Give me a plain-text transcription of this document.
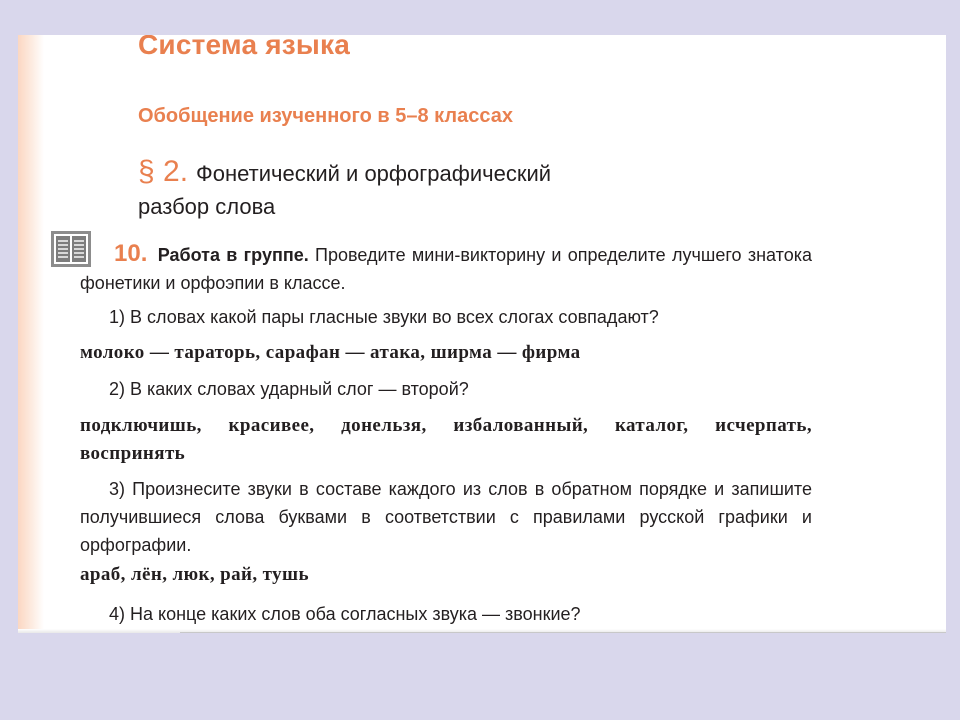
Система языка
Обобщение изученного в 5–8 классах
§ 2. Фонетический и орфографический
разбор слова

10. Работа в группе. Проведите мини-викторину и определите лучшего знатока фонетики и орфоэпии в классе.

1) В словах какой пары гласные звуки во всех слогах совпадают?

молоко — тараторь, сарафан — атака, ширма — фирма

2) В каких словах ударный слог — второй?

подключишь, красивее, донельзя, избалованный, каталог, исчерпать, воспринять

3) Произнесите звуки в составе каждого из слов в обратном порядке и запишите получившиеся слова буквами в соответствии с правилами русской графики и орфографии.

араб, лён, люк, рай, тушь

4) На конце каких слов оба согласных звука — звонкие?
